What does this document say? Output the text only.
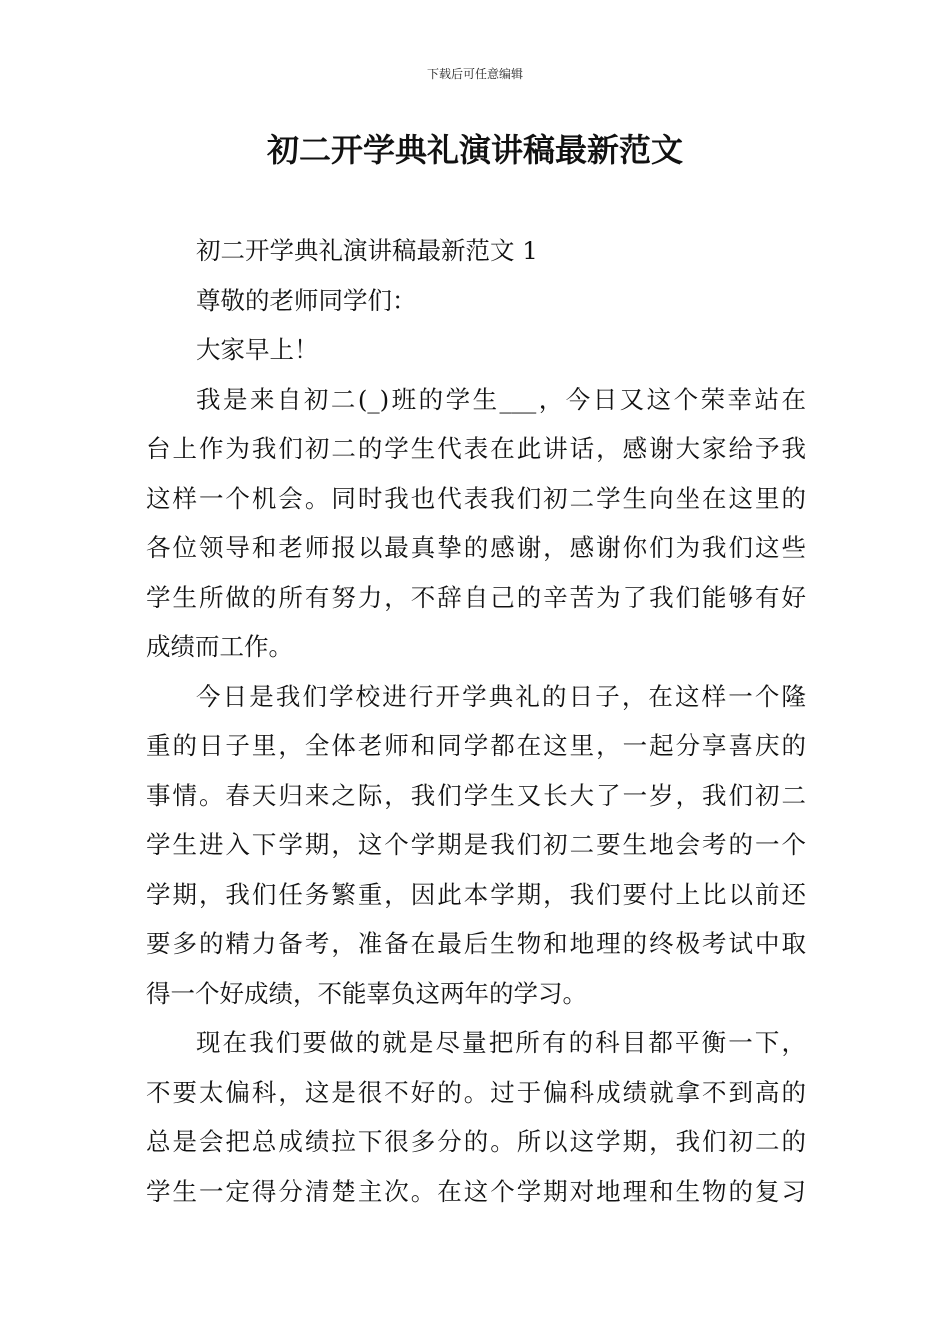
下载后可任意编辑
初二开学典礼演讲稿最新范文

初二开学典礼演讲稿最新范文 1

尊敬的老师同学们：

大家早上！

我是来自初二(_)班的学生___，今日又这个荣幸站在
台上作为我们初二的学生代表在此讲话，感谢大家给予我
这样一个机会。同时我也代表我们初二学生向坐在这里的
各位领导和老师报以最真挚的感谢，感谢你们为我们这些
学生所做的所有努力，不辞自己的辛苦为了我们能够有好
成绩而工作。

今日是我们学校进行开学典礼的日子，在这样一个隆
重的日子里，全体老师和同学都在这里，一起分享喜庆的
事情。春天归来之际，我们学生又长大了一岁，我们初二
学生进入下学期，这个学期是我们初二要生地会考的一个
学期，我们任务繁重，因此本学期，我们要付上比以前还
要多的精力备考，准备在最后生物和地理的终极考试中取
得一个好成绩，不能辜负这两年的学习。

现在我们要做的就是尽量把所有的科目都平衡一下，
不要太偏科，这是很不好的。过于偏科成绩就拿不到高的
总是会把总成绩拉下很多分的。所以这学期，我们初二的
学生一定得分清楚主次。在这个学期对地理和生物的复习
